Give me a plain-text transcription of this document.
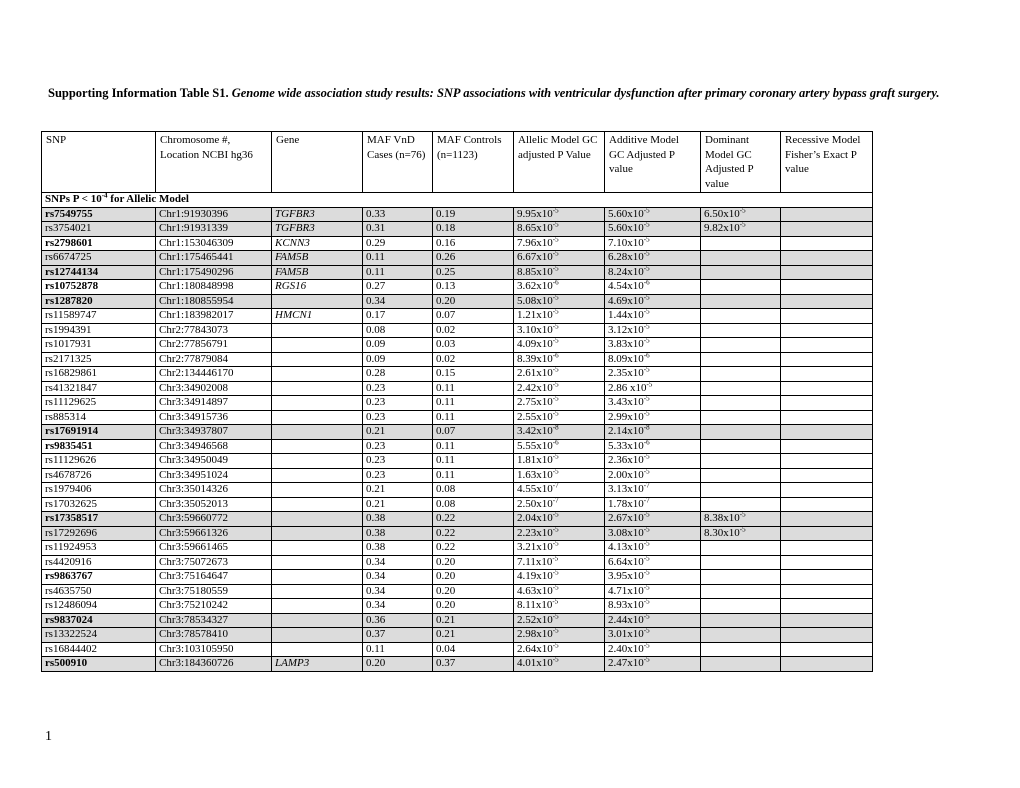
Supporting Information Table S1. Genome wide association study results: SNP associations with ventricular dysfunction after primary coronary artery bypass graft surgery.
SNP	Chromosome #, Location NCBI hg36	Gene	MAF VnD Cases (n=76)	MAF Controls (n=1123)	Allelic Model GC adjusted P Value	Additive Model GC Adjusted P value	Dominant Model GC Adjusted P value	Recessive Model Fisher’s Exact P value
SNPs $P < 10^{-4}$ for Allelic Model								
rs7549755	Chr1:91930396	TGFBR3	0.33	0.19	$9.95x10^{-5}$	$5.60x10^{-5}$	$6.50x10^{-5}$	
rs3754021	Chr1:91931339	TGFBR3	0.31	0.18	$8.65x10^{-5}$	$5.60x10^{-5}$	$9.82x10^{-5}$	
rs2798601	Chr1:153046309	KCNN3	0.29	0.16	$7.96x10^{-5}$	$7.10x10^{-5}$		
rs6674725	Chr1:175465441	FAM5B	0.11	0.26	$6.67x10^{-5}$	$6.28x10^{-5}$		
rs12744134	Chr1:175490296	FAM5B	0.11	0.25	$8.85x10^{-5}$	$8.24x10^{-5}$		
rs10752878	Chr1:180848998	RGS16	0.27	0.13	$3.62x10^{-6}$	$4.54x10^{-6}$		
rs1287820	Chr1:180855954		0.34	0.20	$5.08x10^{-5}$	$4.69x10^{-5}$		
rs11589747	Chr1:183982017	HMCN1	0.17	0.07	$1.21x10^{-5}$	$1.44x10^{-5}$		
rs1994391	Chr2:77843073		0.08	0.02	$3.10x10^{-5}$	$3.12x10^{-5}$		
rs1017931	Chr2:77856791		0.09	0.03	$4.09x10^{-5}$	$3.83x10^{-5}$		
rs2171325	Chr2:77879084		0.09	0.02	$8.39x10^{-6}$	$8.09x10^{-6}$		
rs16829861	Chr2:134446170		0.28	0.15	$2.61x10^{-5}$	$2.35x10^{-5}$		
rs41321847	Chr3:34902008		0.23	0.11	$2.42x10^{-5}$	2.86 $x10^{-5}$		
rs11129625	Chr3:34914897		0.23	0.11	$2.75x10^{-5}$	$3.43x10^{-5}$		
rs885314	Chr3:34915736		0.23	0.11	$2.55x10^{-5}$	$2.99x10^{-5}$		
rs17691914	Chr3:34937807		0.21	0.07	$3.42x10^{-8}$	$2.14x10^{-8}$		
rs9835451	Chr3:34946568		0.23	0.11	$5.55x10^{-6}$	$5.33x10^{-6}$		
rs11129626	Chr3:34950049		0.23	0.11	$1.81x10^{-5}$	$2.36x10^{-5}$		
rs4678726	Chr3:34951024		0.23	0.11	$1.63x10^{-5}$	$2.00x10^{-5}$		
rs1979406	Chr3:35014326		0.21	0.08	$4.55x10^{-7}$	$3.13x10^{-7}$		
rs17032625	Chr3:35052013		0.21	0.08	$2.50x10^{-7}$	$1.78x10^{-7}$		
rs17358517	Chr3:59660772		0.38	0.22	$2.04x10^{-5}$	$2.67x10^{-5}$	$8.38x10^{-5}$	
rs17292696	Chr3:59661326		0.38	0.22	$2.23x10^{-5}$	$3.08x10^{-5}$	$8.30x10^{-5}$	
rs11924953	Chr3:59661465		0.38	0.22	$3.21x10^{-5}$	$4.13x10^{-5}$		
rs4420916	Chr3:75072673		0.34	0.20	$7.11x10^{-5}$	$6.64x10^{-5}$		
rs9863767	Chr3:75164647		0.34	0.20	$4.19x10^{-5}$	$3.95x10^{-5}$		
rs4635750	Chr3:75180559		0.34	0.20	$4.63x10^{-5}$	$4.71x10^{-5}$		
rs12486094	Chr3:75210242		0.34	0.20	$8.11x10^{-5}$	$8.93x10^{-5}$		
rs9837024	Chr3:78534327		0.36	0.21	$2.52x10^{-5}$	$2.44x10^{-5}$		
rs13322524	Chr3:78578410		0.37	0.21	$2.98x10^{-5}$	$3.01x10^{-5}$		
rs16844402	Chr3:103105950		0.11	0.04	$2.64x10^{-5}$	$2.40x10^{-5}$		
rs500910	Chr3:184360726	LAMP3	0.20	0.37	$4.01x10^{-5}$	$2.47x10^{-5}$		
1
